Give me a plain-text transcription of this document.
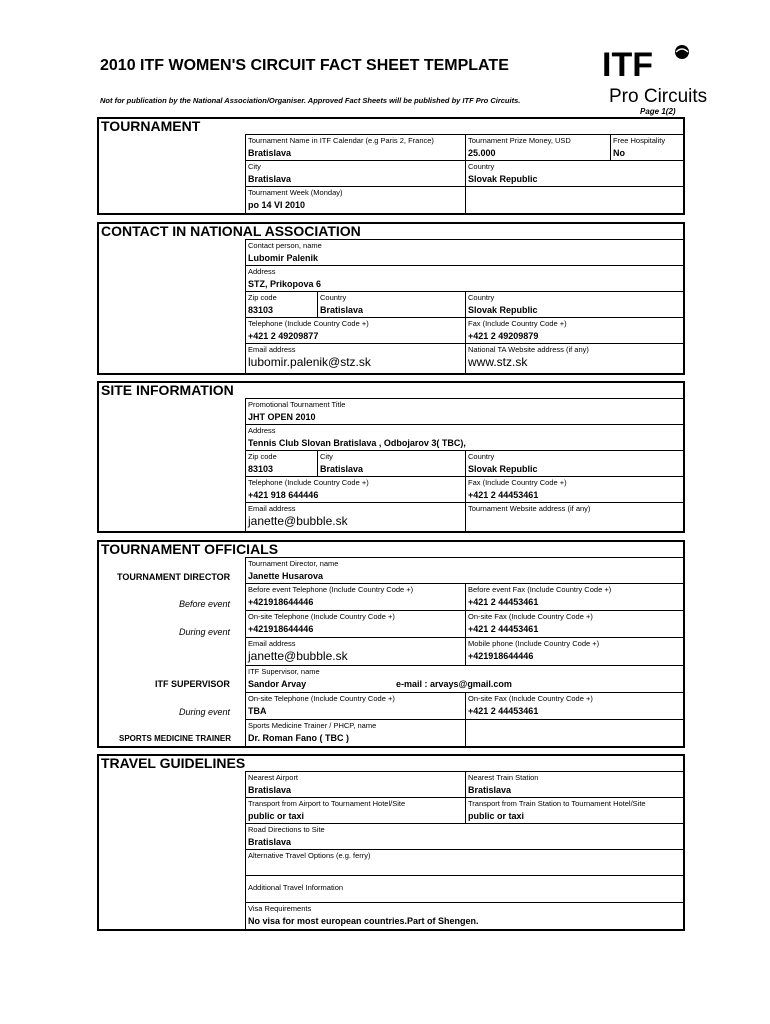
2010 ITF WOMEN'S CIRCUIT FACT SHEET TEMPLATE
Not for publication by the National Association/Organiser. Approved Fact Sheets will be published by ITF Pro Circuits.
Page 1(2)
ITF
Pro Circuits
TOURNAMENT
Tournament Name in ITF Calendar (e.g Paris 2, France)
Bratislava
Tournament Prize Money, USD
25.000
Free Hospitality
No
City
Bratislava
Country
Slovak Republic
Tournament Week (Monday)
po 14 VI 2010
CONTACT IN NATIONAL ASSOCIATION
Contact person, name
Lubomir Palenik
Address
STZ, Prikopova 6
Zip code
83103
Country
Bratislava
Country
Slovak Republic
Telephone (Include Country Code +)
+421 2 49209877
Fax (Include Country Code +)
+421 2 49209879
Email address
lubomir.palenik@stz.sk
National TA Website address (if any)
www.stz.sk
SITE INFORMATION
Promotional Tournament Title
JHT OPEN 2010
Address
Tennis Club Slovan Bratislava , Odbojarov 3( TBC),
Zip code
83103
City
Bratislava
Country
Slovak Republic
Telephone (Include Country Code +)
+421 918 644446
Fax (Include Country Code +)
+421 2 44453461
Email address
janette@bubble.sk
Tournament Website address (if any)
TOURNAMENT OFFICIALS
TOURNAMENT DIRECTOR
Before event
During event
ITF SUPERVISOR
During event
SPORTS MEDICINE TRAINER
Tournament Director, name
Janette Husarova
Before event Telephone (Include Country Code +)
+421918644446
Before event Fax (Include Country Code +)
+421 2 44453461
On-site Telephone (Include Country Code +)
+421918644446
On-site Fax (Include Country Code +)
+421 2 44453461
Email address
janette@bubble.sk
Mobile phone (Include Country Code +)
+421918644446
ITF Supervisor, name
Sandor Arvay	e-mail : arvays@gmail.com
On-site Telephone (Include Country Code +)
TBA
On-site Fax (Include Country Code +)
+421 2 44453461
Sports Medicine Trainer / PHCP, name
Dr. Roman Fano ( TBC )
TRAVEL GUIDELINES
Nearest Airport
Bratislava
Nearest Train Station
Bratislava
Transport from Airport to Tournament Hotel/Site
public or taxi
Transport from Train Station to Tournament Hotel/Site
public or taxi
Road Directions to Site
Bratislava
Alternative Travel Options (e.g. ferry)
Additional Travel Information
Visa Requirements
No visa for most european countries.Part of Shengen.
